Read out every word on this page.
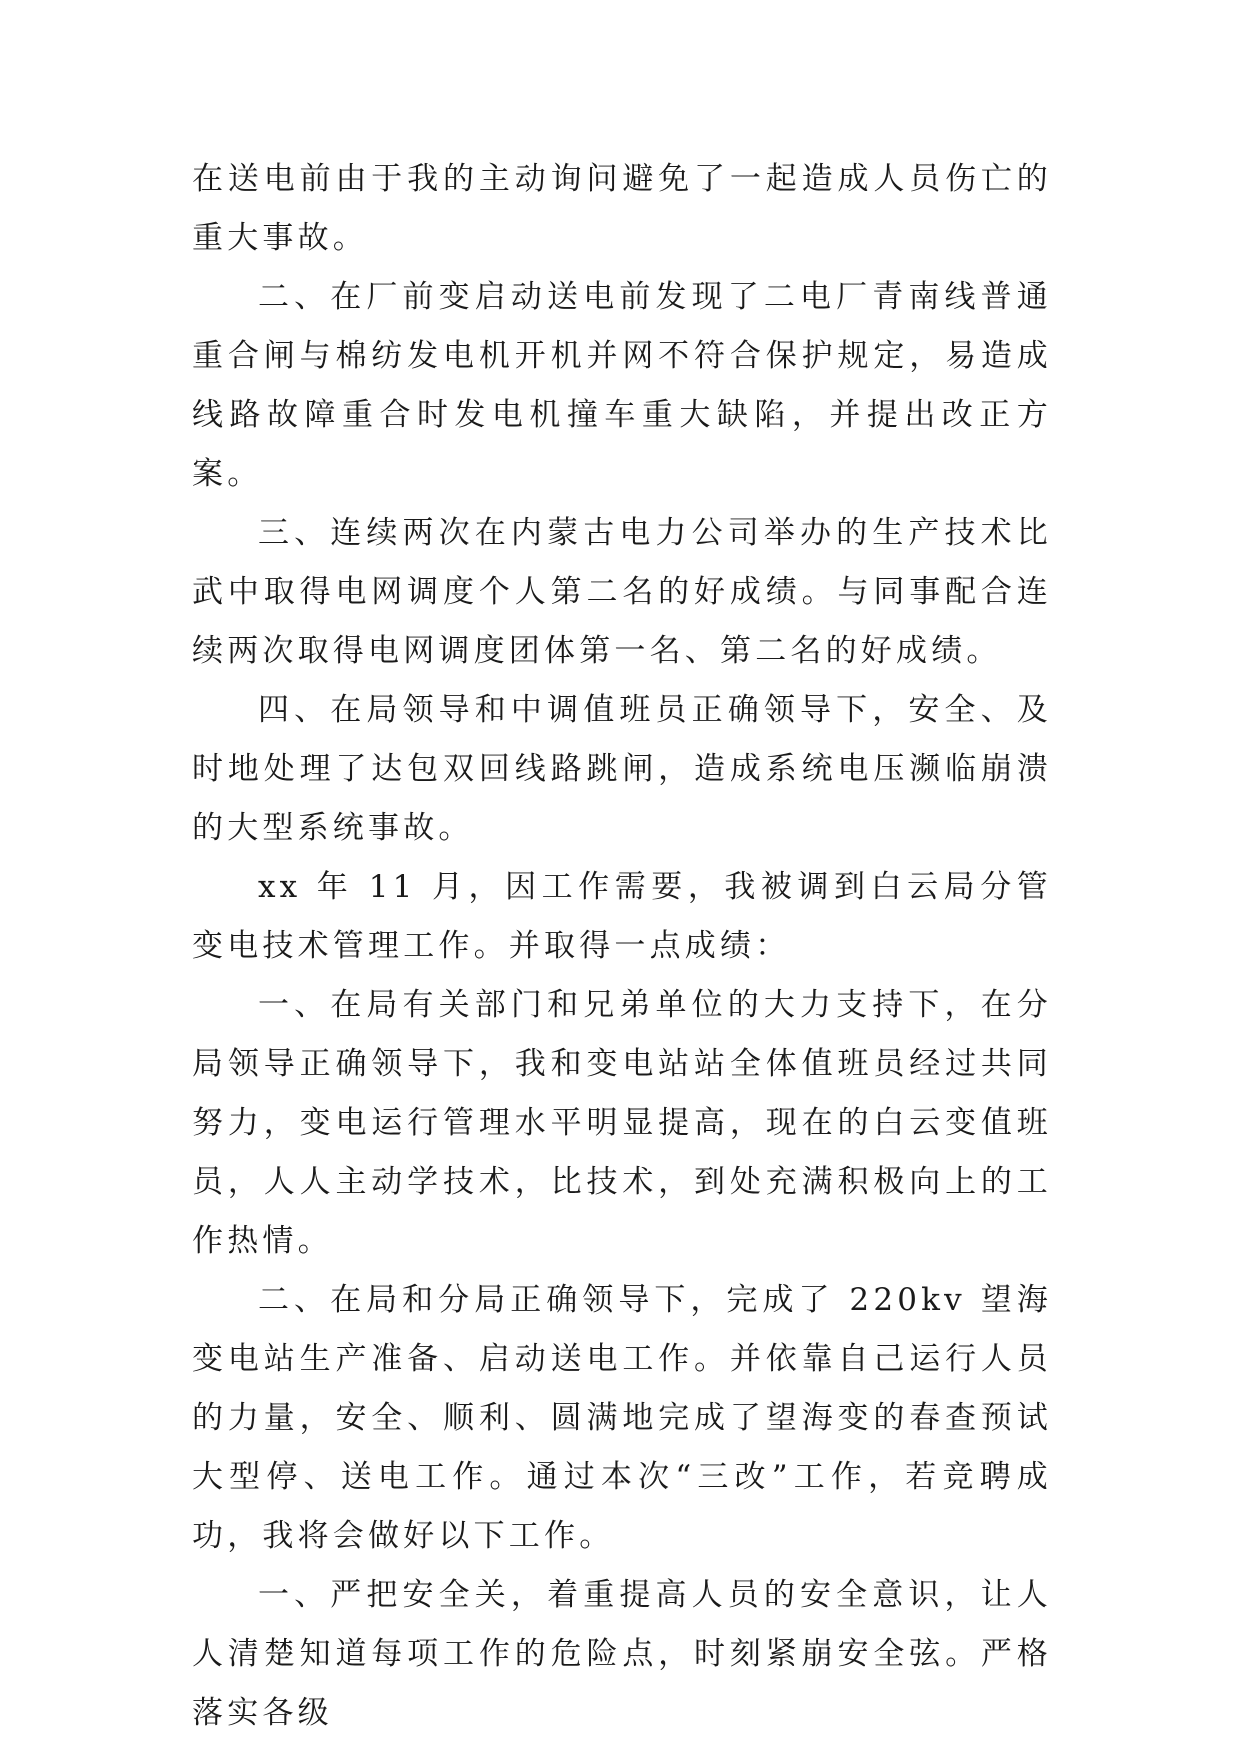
在送电前由于我的主动询问避免了一起造成人员伤亡的重大事故。

二、在厂前变启动送电前发现了二电厂青南线普通重合闸与棉纺发电机开机并网不符合保护规定，易造成线路故障重合时发电机撞车重大缺陷，并提出改正方案。

三、连续两次在内蒙古电力公司举办的生产技术比武中取得电网调度个人第二名的好成绩。与同事配合连续两次取得电网调度团体第一名、第二名的好成绩。

四、在局领导和中调值班员正确领导下，安全、及时地处理了达包双回线路跳闸，造成系统电压濒临崩溃的大型系统事故。

xx 年 11 月，因工作需要，我被调到白云局分管变电技术管理工作。并取得一点成绩：

一、在局有关部门和兄弟单位的大力支持下，在分局领导正确领导下，我和变电站站全体值班员经过共同努力，变电运行管理水平明显提高，现在的白云变值班员，人人主动学技术，比技术，到处充满积极向上的工作热情。

二、在局和分局正确领导下，完成了 220kv 望海变电站生产准备、启动送电工作。并依靠自己运行人员的力量，安全、顺利、圆满地完成了望海变的春查预试大型停、送电工作。通过本次“三改”工作，若竞聘成功，我将会做好以下工作。

一、严把安全关，着重提高人员的安全意识，让人人清楚知道每项工作的危险点，时刻紧崩安全弦。严格落实各级
